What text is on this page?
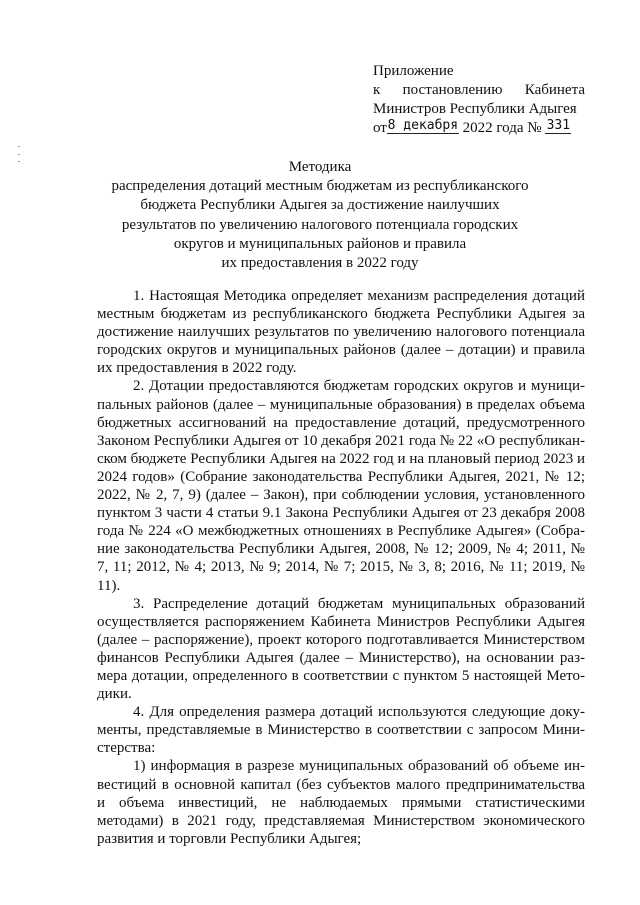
Приложение
к постановлению Кабинета
Министров Республики Адыгея
от8 декабря 2022 года № 331
Методика
распределения дотаций местным бюджетам из республиканского
бюджета Республики Адыгея за достижение наилучших
результатов по увеличению налогового потенциала городских
округов и муниципальных районов и правила
их предоставления в 2022 году

1. Настоящая Методика определяет механизм распределения дотаций местным бюджетам из республиканского бюджета Республики Адыгея за достижение наилучших результатов по увеличению налогового потенциала городских округов и муниципальных районов (далее – дотации) и правила их предоставления в 2022 году.

2. Дотации предоставляются бюджетам городских округов и муниципальных районов (далее – муниципальные образования) в пределах объема бюджетных ассигнований на предоставление дотаций, предусмотренного Законом Республики Адыгея от 10 декабря 2021 года № 22 «О республиканском бюджете Республики Адыгея на 2022 год и на плановый период 2023 и 2024 годов» (Собрание законодательства Республики Адыгея, 2021, № 12; 2022, № 2, 7, 9) (далее – Закон), при соблюдении условия, установленного пунктом 3 части 4 статьи 9.1 Закона Республики Адыгея от 23 декабря 2008 года № 224 «О межбюджетных отношениях в Республике Адыгея» (Собрание законодательства Республики Адыгея, 2008, № 12; 2009, № 4; 2011, № 7, 11; 2012, № 4; 2013, № 9; 2014, № 7; 2015, № 3, 8; 2016, № 11; 2019, № 11).

3. Распределение дотаций бюджетам муниципальных образований осуществляется распоряжением Кабинета Министров Республики Адыгея (далее – распоряжение), проект которого подготавливается Министерством финансов Республики Адыгея (далее – Министерство), на основании размера дотации, определенного в соответствии с пунктом 5 настоящей Методики.

4. Для определения размера дотаций используются следующие документы, представляемые в Министерство в соответствии с запросом Министерства:

1) информация в разрезе муниципальных образований об объеме инвестиций в основной капитал (без субъектов малого предпринимательства и объема инвестиций, не наблюдаемых прямыми статистическими методами) в 2021 году, представляемая Министерством экономического развития и торговли Республики Адыгея;
